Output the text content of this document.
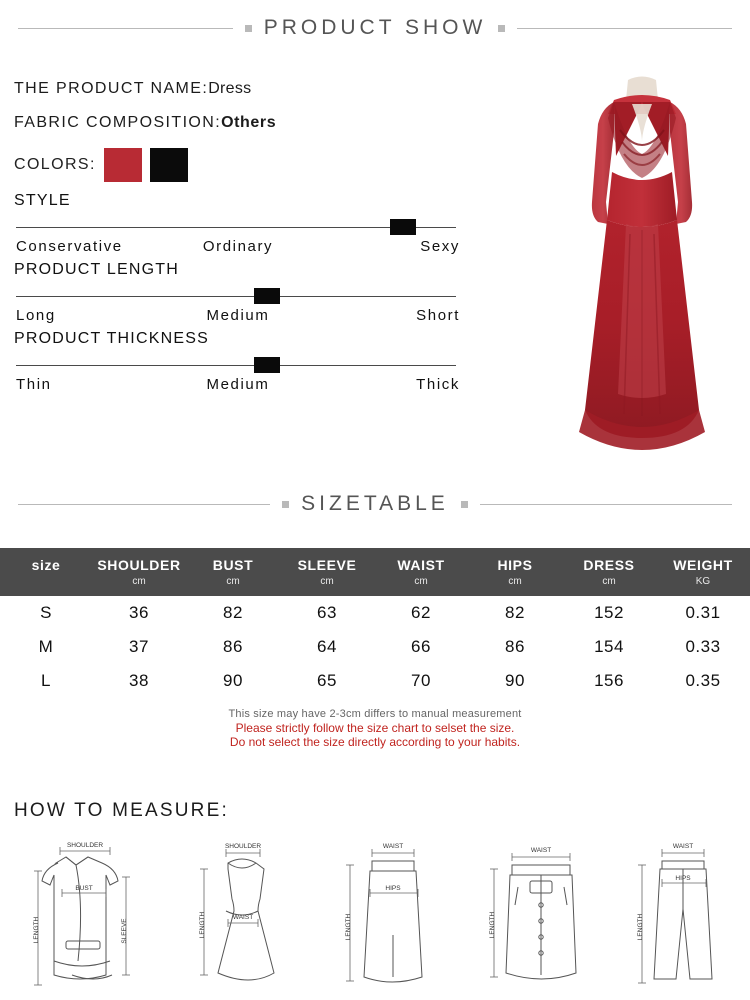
PRODUCT SHOW
THE PRODUCT NAME:Dress
FABRIC COMPOSITION:Others
COLORS:
STYLE
Conservative	Ordinary	Sexy
PRODUCT LENGTH
Long	Medium	Short
PRODUCT THICKNESS
Thin	Medium	Thick
SIZETABLE
size	SHOULDER	BUST	SLEEVE	WAIST	HIPS	DRESS	WEIGHT
	cm	cm	cm	cm	cm	cm	KG
S	36	82	63	62	82	152	0.31
M	37	86	64	66	86	154	0.33
L	38	90	65	70	90	156	0.35
This size may have 2-3cm differs to manual measurement
Please strictly follow the size chart to selset the size.
Do not select the size directly according to your habits.
HOW TO MEASURE:
SHOULDER
BUST
LENGTH	SLEEVE
SHOULDER
WAIST
LENGTH
WAIST
HIPS
LENGTH
WAIST
LENGTH
WAIST
HIPS
LENGTH
